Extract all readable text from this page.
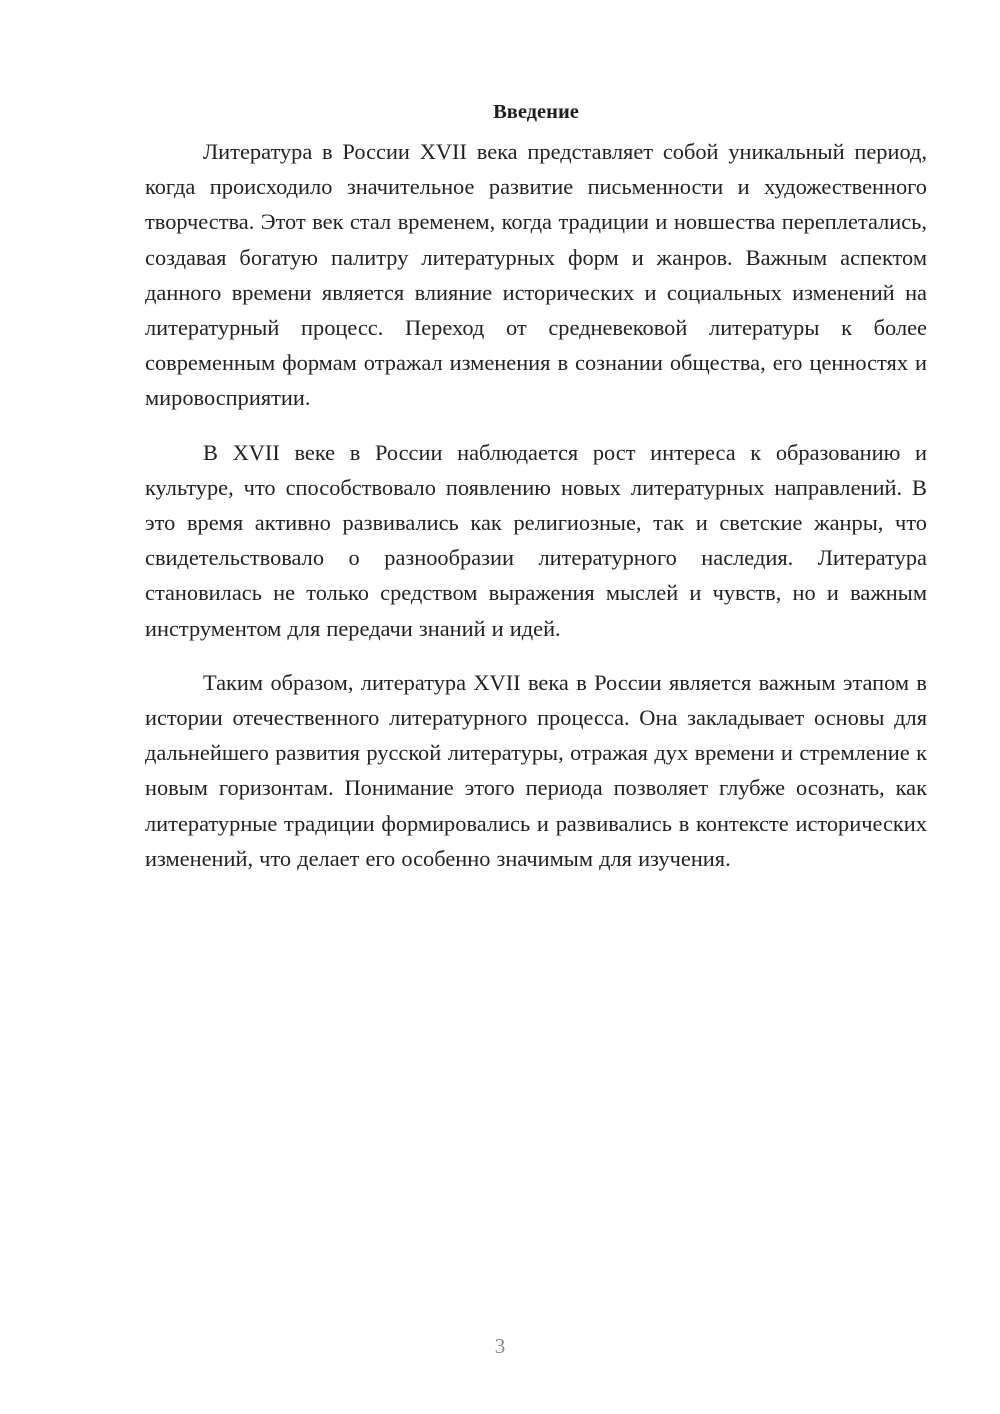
Введение

Литература в России XVII века представляет собой уникальный период, когда происходило значительное развитие письменности и художественного творчества. Этот век стал временем, когда традиции и новшества переплетались, создавая богатую палитру литературных форм и жанров. Важным аспектом данного времени является влияние исторических и социальных изменений на литературный процесс. Переход от средневековой литературы к более современным формам отражал изменения в сознании общества, его ценностях и мировосприятии.

В XVII веке в России наблюдается рост интереса к образованию и культуре, что способствовало появлению новых литературных направлений. В это время активно развивались как религиозные, так и светские жанры, что свидетельствовало о разнообразии литературного наследия. Литература становилась не только средством выражения мыслей и чувств, но и важным инструментом для передачи знаний и идей.

Таким образом, литература XVII века в России является важным этапом в истории отечественного литературного процесса. Она закладывает основы для дальнейшего развития русской литературы, отражая дух времени и стремление к новым горизонтам. Понимание этого периода позволяет глубже осознать, как литературные традиции формировались и развивались в контексте исторических изменений, что делает его особенно значимым для изучения.

3
